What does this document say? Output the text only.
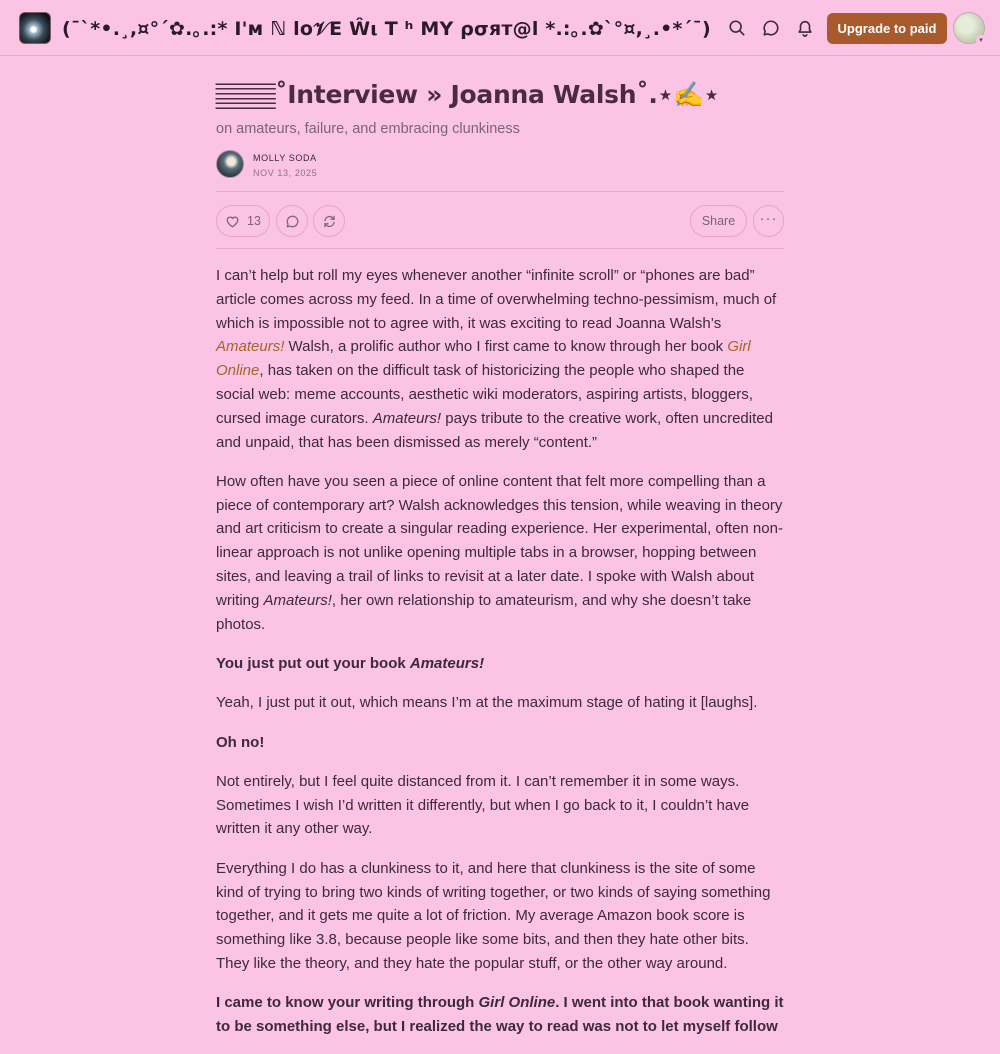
(¯`*•.¸,¤°´✿.｡.:* I'ᴍ ℕ lo𝒱E Ŵι T ʰ MY ρσят@l *.:｡.✿`°¤,¸.•*´¯)	Upgrade to paid
▾
𝄛𝄛𝄛˚Interview » Joanna Walsh˚.⋆✍️⋆
on amateurs, failure, and embracing clunkiness
MOLLY SODA
NOV 13, 2025
13	Share	···

I can’t help but roll my eyes whenever another “infinite scroll” or “phones are bad” article comes across my feed. In a time of overwhelming techno-pessimism, much of which is impossible not to agree with, it was exciting to read Joanna Walsh’s Amateurs! Walsh, a prolific author who I first came to know through her book Girl Online, has taken on the difficult task of historicizing the people who shaped the social web: meme accounts, aesthetic wiki moderators, aspiring artists, bloggers, cursed image curators. Amateurs! pays tribute to the creative work, often uncredited and unpaid, that has been dismissed as merely “content.”

How often have you seen a piece of online content that felt more compelling than a piece of contemporary art? Walsh acknowledges this tension, while weaving in theory and art criticism to create a singular reading experience. Her experimental, often non-linear approach is not unlike opening multiple tabs in a browser, hopping between sites, and leaving a trail of links to revisit at a later date. I spoke with Walsh about writing Amateurs!, her own relationship to amateurism, and why she doesn’t take photos.

You just put out your book Amateurs!

Yeah, I just put it out, which means I’m at the maximum stage of hating it [laughs].

Oh no!

Not entirely, but I feel quite distanced from it. I can’t remember it in some ways. Sometimes I wish I’d written it differently, but when I go back to it, I couldn’t have written it any other way.

Everything I do has a clunkiness to it, and here that clunkiness is the site of some kind of trying to bring two kinds of writing together, or two kinds of saying something together, and it gets me quite a lot of friction. My average Amazon book score is something like 3.8, because people like some bits, and then they hate other bits. They like the theory, and they hate the popular stuff, or the other way around.

I came to know your writing through Girl Online. I went into that book wanting it to be something else, but I realized the way to read was not to let myself follow
